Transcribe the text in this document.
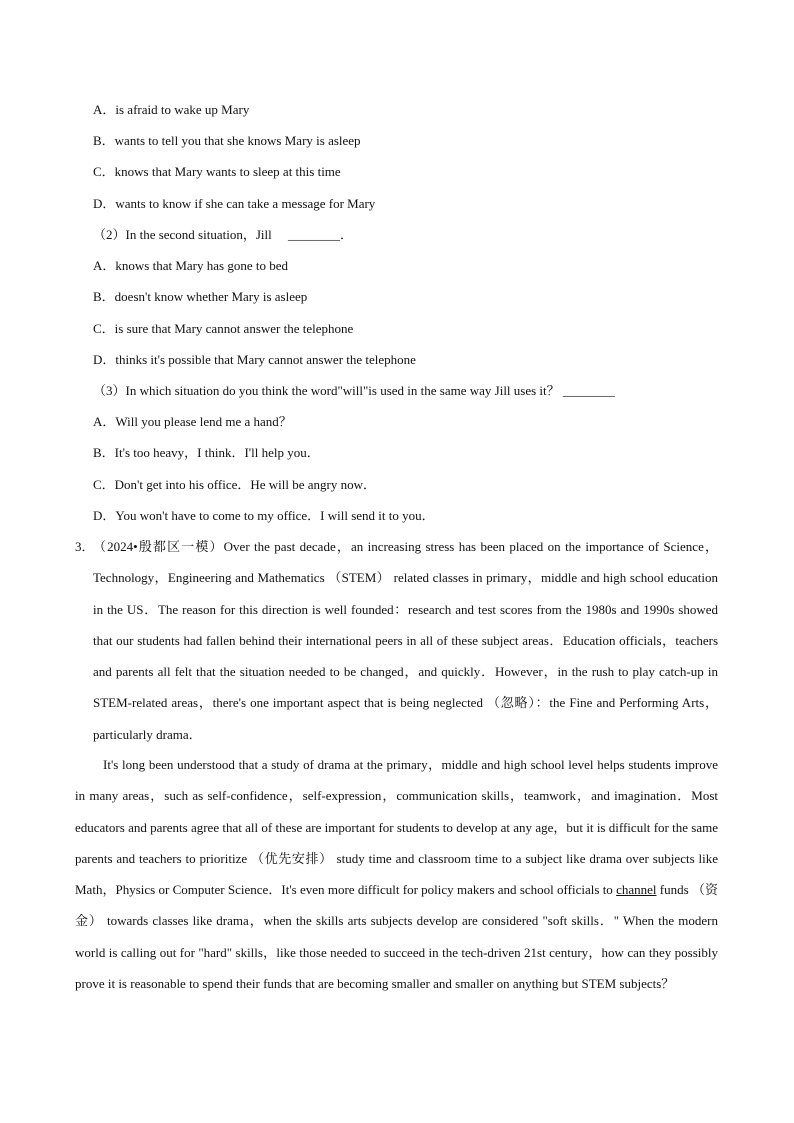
A．is afraid to wake up Mary
B．wants to tell you that she knows Mary is asleep
C．knows that Mary wants to sleep at this time
D．wants to know if she can take a message for Mary
（2）In the second situation，Jill　 ________．
A．knows that Mary has gone to bed
B．doesn't know whether Mary is asleep
C．is sure that Mary cannot answer the telephone
D．thinks it's possible that Mary cannot answer the telephone
（3）In which situation do you think the word"will"is used in the same way Jill uses it？ ________
A．Will you please lend me a hand？
B．It's too heavy，I think．I'll help you．
C．Don't get into his office．He will be angry now．
D．You won't have to come to my office．I will send it to you．
3．
（2024•殷都区一模）Over the past decade，an increasing stress has been placed on the importance of Science，Technology，Engineering and Mathematics （STEM） related classes in primary，middle and high school education in the US．The reason for this direction is well founded：research and test scores from the 1980s and 1990s showed that our students had fallen behind their international peers in all of these subject areas．Education officials，teachers and parents all felt that the situation needed to be changed，and quickly．However，in the rush to play catch-up in STEM-related areas，there's one important aspect that is being neglected （忽略）：the Fine and Performing Arts，particularly drama．
It's long been understood that a study of drama at the primary，middle and high school level helps students improve in many areas，such as self-confidence，self-expression，communication skills，teamwork，and imagination．Most educators and parents agree that all of these are important for students to develop at any age，but it is difficult for the same parents and teachers to prioritize （优先安排） study time and classroom time to a subject like drama over subjects like Math，Physics or Computer Science．It's even more difficult for policy makers and school officials to channel funds （资金） towards classes like drama，when the skills arts subjects develop are considered "soft skills．" When the modern world is calling out for "hard" skills，like those needed to succeed in the tech-driven 21st century，how can they possibly prove it is reasonable to spend their funds that are becoming smaller and smaller on anything but STEM subjects？
